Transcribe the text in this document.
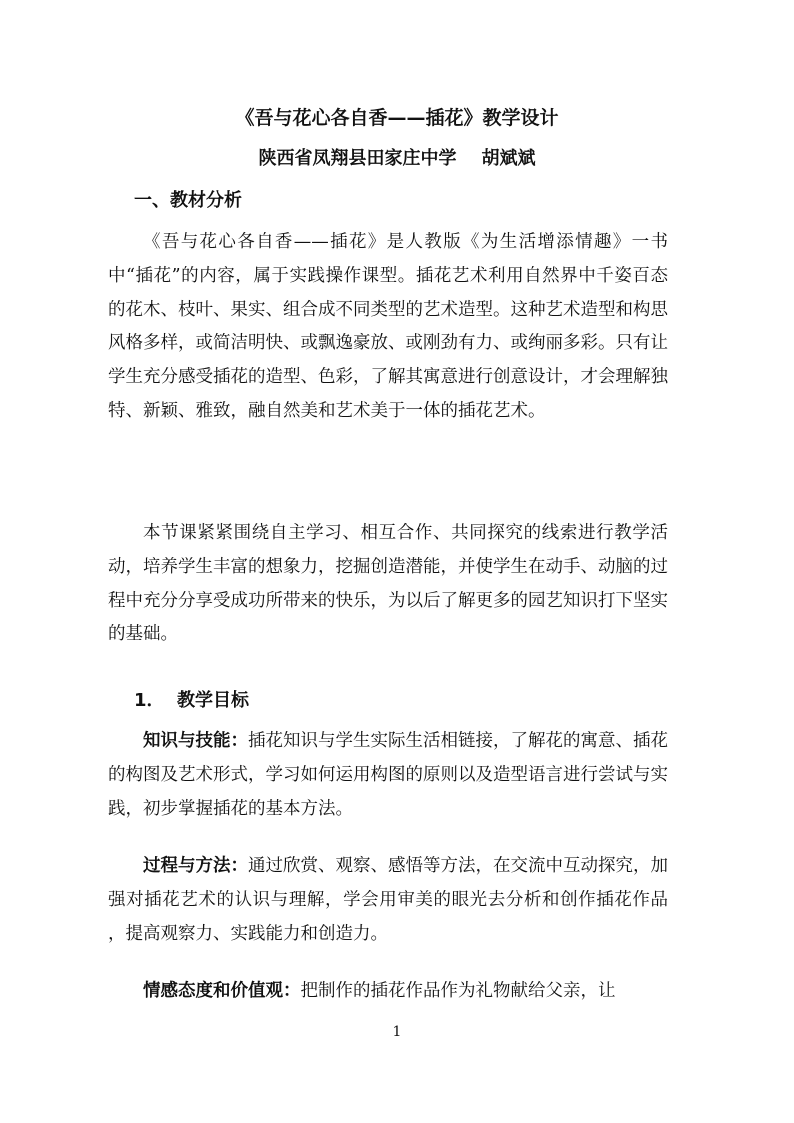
《吾与花心各自香——插花》教学设计
陕西省凤翔县田家庄中学    胡斌斌
一、教材分析

《吾与花心各自香——插花》是人教版《为生活增添情趣》一书中“插花”的内容，属于实践操作课型。插花艺术利用自然界中千姿百态的花木、枝叶、果实、组合成不同类型的艺术造型。这种艺术造型和构思风格多样，或简洁明快、或飘逸豪放、或刚劲有力、或绚丽多彩。只有让学生充分感受插花的造型、色彩，了解其寓意进行创意设计，才会理解独特、新颖、雅致，融自然美和艺术美于一体的插花艺术。

本节课紧紧围绕自主学习、相互合作、共同探究的线索进行教学活动，培养学生丰富的想象力，挖掘创造潜能，并使学生在动手、动脑的过程中充分分享受成功所带来的快乐，为以后了解更多的园艺知识打下坚实的基础。

1．  教学目标

知识与技能：插花知识与学生实际生活相链接，了解花的寓意、插花的构图及艺术形式，学习如何运用构图的原则以及造型语言进行尝试与实践，初步掌握插花的基本方法。

过程与方法：通过欣赏、观察、感悟等方法，在交流中互动探究，加强对插花艺术的认识与理解，学会用审美的眼光去分析和创作插花作品 ，提高观察力、实践能力和创造力。

情感态度和价值观：把制作的插花作品作为礼物献给父亲，让

1
